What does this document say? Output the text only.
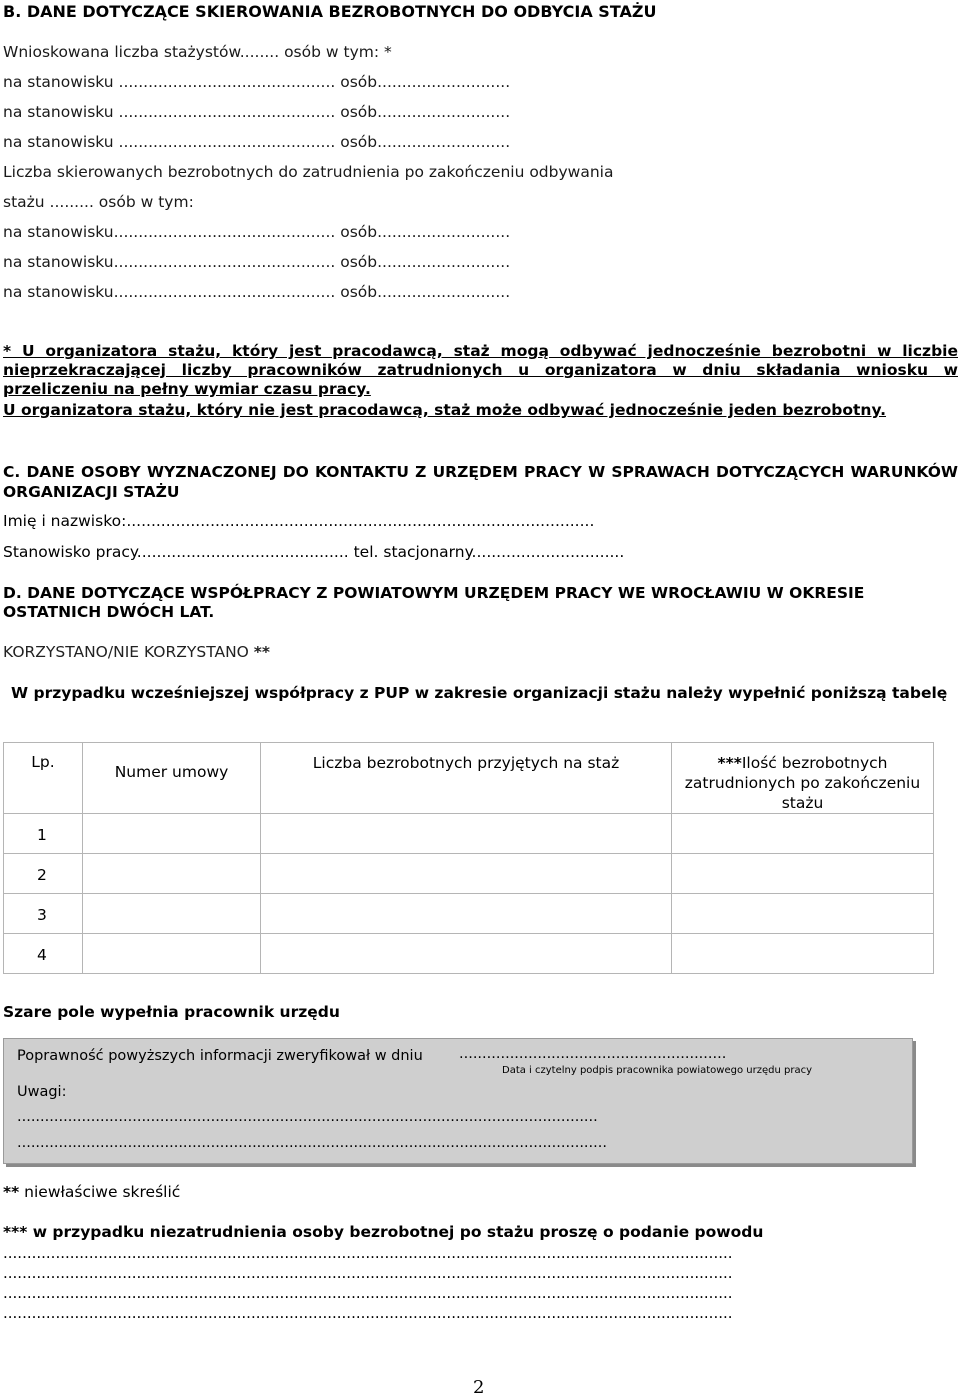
B. DANE DOTYCZĄCE SKIEROWANIA BEZROBOTNYCH DO ODBYCIA STAŻU
Wnioskowana liczba stażystów........ osób w tym: *
na stanowisku ............................................ osób...........................
na stanowisku ............................................ osób...........................
na stanowisku ............................................ osób...........................
Liczba skierowanych bezrobotnych do zatrudnienia po zakończeniu odbywania
stażu ......... osób w tym:
na stanowisku............................................. osób...........................
na stanowisku............................................. osób...........................
na stanowisku............................................. osób...........................
* U organizatora stażu, który jest pracodawcą, staż mogą odbywać jednocześnie bezrobotni w liczbie nieprzekraczającej liczby pracowników zatrudnionych u organizatora w dniu składania wniosku w przeliczeniu na pełny wymiar czasu pracy.
U organizatora stażu, który nie jest pracodawcą, staż może odbywać jednocześnie jeden bezrobotny.
C. DANE OSOBY WYZNACZONEJ DO KONTAKTU Z URZĘDEM PRACY W SPRAWACH DOTYCZĄCYCH WARUNKÓW ORGANIZACJI STAŻU
Imię i nazwisko:...............................................................................................
Stanowisko pracy........................................... tel. stacjonarny...............................
D. DANE DOTYCZĄCE WSPÓŁPRACY Z POWIATOWYM URZĘDEM PRACY WE WROCŁAWIU W OKRESIE OSTATNICH DWÓCH LAT.
KORZYSTANO/NIE KORZYSTANO **
W przypadku wcześniejszej współpracy z PUP w zakresie organizacji stażu należy wypełnić poniższą tabelę
Lp.	Numer umowy	Liczba bezrobotnych przyjętych na staż	***Ilość bezrobotnych zatrudnionych po zakończeniu stażu
1			
2			
3			
4			
Szare pole wypełnia pracownik urzędu
Poprawność powyższych informacji zweryfikował w dniu ..........................................................
Data i czytelny podpis pracownika powiatowego urzędu pracy
Uwagi:
..............................................................................................................................
................................................................................................................................
** niewłaściwe skreślić
*** w przypadku niezatrudnienia osoby bezrobotnej po stażu proszę o podanie powodu
.........................................................................................................................................................
.........................................................................................................................................................
.........................................................................................................................................................
.........................................................................................................................................................
2
